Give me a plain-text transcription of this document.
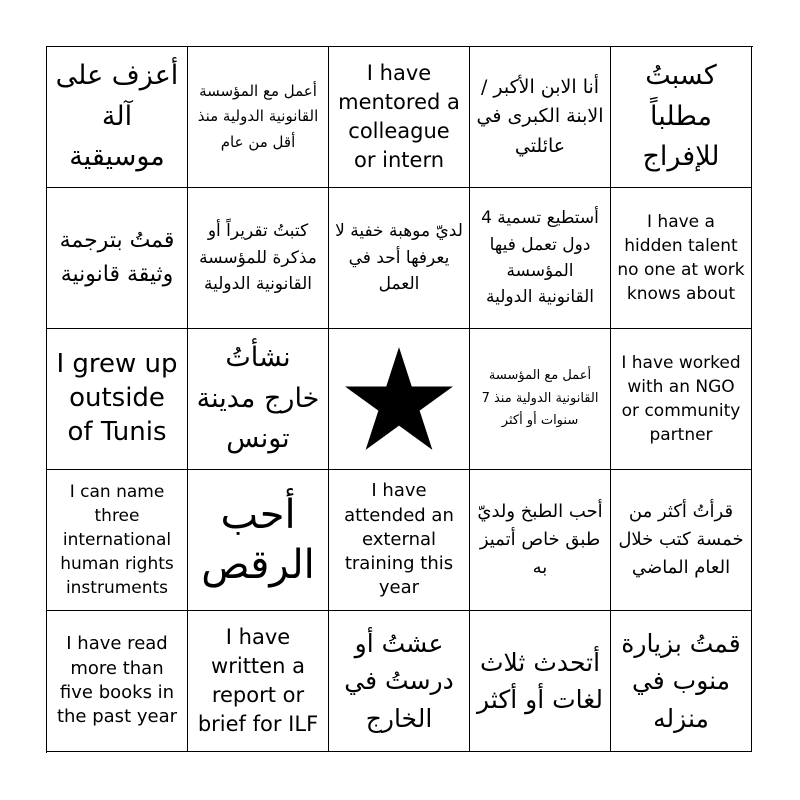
أعزف على آلة موسيقية
أعمل مع المؤسسة القانونية الدولية منذ أقل من عام
I have mentored a colleague or intern
أنا الابن الأكبر / الابنة الكبرى في عائلتي
كسبتُ مطلباً للإفراج
قمتُ بترجمة وثيقة قانونية
كتبتُ تقريراً أو مذكرة للمؤسسة القانونية الدولية
لديّ موهبة خفية لا يعرفها أحد في العمل
أستطيع تسمية 4 دول تعمل فيها المؤسسة القانونية الدولية
I have a hidden talent no one at work knows about
I grew up outside of Tunis
نشأتُ خارج مدينة تونس
أعمل مع المؤسسة القانونية الدولية منذ 7 سنوات أو أكثر
I have worked with an NGO or community partner
I can name three international human rights instruments
أحب الرقص
I have attended an external training this year
أحب الطبخ ولديّ طبق خاص أتميز به
قرأتُ أكثر من خمسة كتب خلال العام الماضي
I have read more than five books in the past year
I have written a report or brief for ILF
عشتُ أو درستُ في الخارج
أتحدث ثلاث لغات أو أكثر
قمتُ بزيارة منوب في منزله
